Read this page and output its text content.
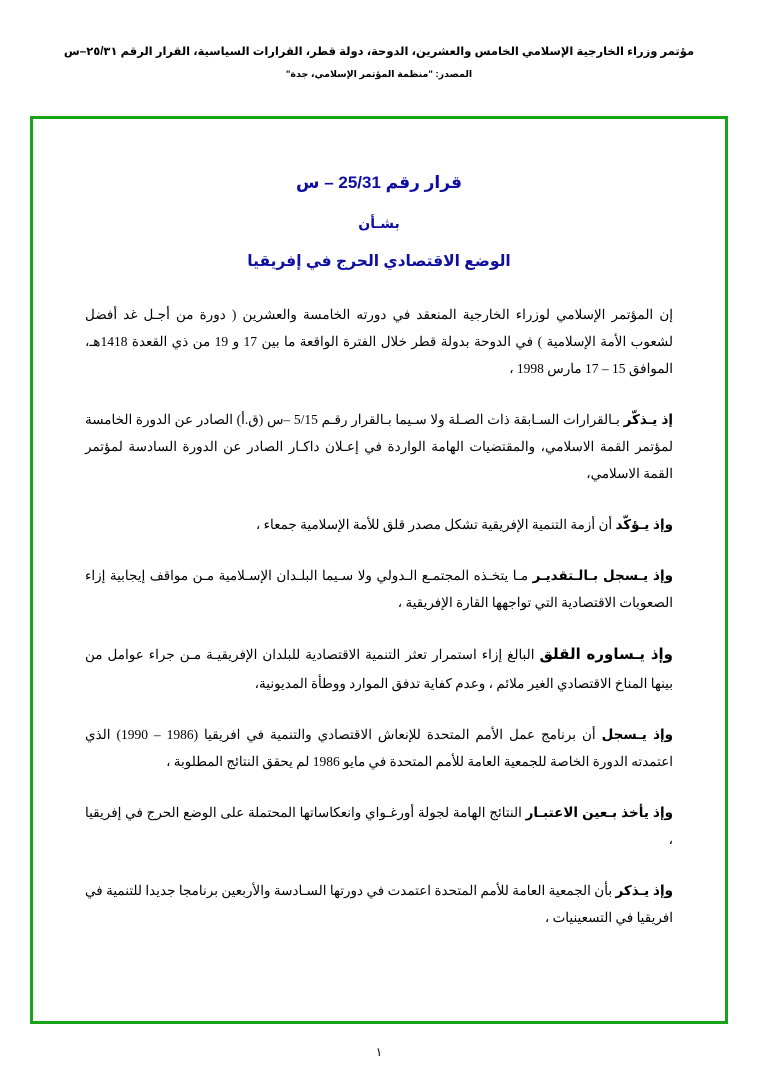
مؤتمر وزراء الخارجية الإسلامي الخامس والعشرين، الدوحة، دولة قطر، القرارات السياسية، القرار الرقم ٢٥/٣١–س
المصدر: "منظمة المؤتمر الإسلامي، جدة"
قرار رقم 25/31 – س
بشـأن
الوضع الاقتصادي الحرج في إفريقيا

إن المؤتمر الإسلامي لوزراء الخارجية المنعقد في دورته الخامسة والعشرين ( دورة من أجـل غد أفضل لشعوب الأمة الإسلامية ) في الدوحة بدولة قطر خلال الفترة الواقعة ما بين 17 و 19 من ذي القعدة 1418هـ، الموافق 15 – 17 مارس 1998 ،

إذ يـذكّر بـالقرارات السـابقة ذات الصـلة ولا سـيما بـالقرار رقـم 5/15 –س (ق.أ) الصادر عن الدورة الخامسة لمؤتمر القمة الاسلامي، والمقتضيات الهامة الواردة في إعـلان داكـار الصادر عن الدورة السادسة لمؤتمر القمة الاسلامي،

وإذ يـؤكّد أن أزمة التنمية الإفريقية تشكل مصدر قلق للأمة الإسلامية جمعاء ،

وإذ يـسجل بـالـتقديـر مـا يتخـذه المجتمـع الـدولي ولا سـيما البلـدان الإسـلامية مـن مواقف إيجابية إزاء الصعوبات الاقتصادية التي تواجهها القارة الإفريقية ،

وإذ يـساوره القلق البالغ إزاء استمرار تعثر التنمية الاقتصادية للبلدان الإفريقيـة مـن جراء عوامل من بينها المناخ الاقتصادي الغير ملائم ، وعدم كفاية تدفق الموارد ووطأة المديونية،

وإذ يـسجل أن برنامج عمل الأمم المتحدة للإنعاش الاقتصادي والتنمية في افريقيا (1986 – 1990) الذي اعتمدته الدورة الخاصة للجمعية العامة للأمم المتحدة في مايو 1986 لم يحقق النتائج المطلوبة ،

وإذ يأخذ بـعين الاعتبـار النتائج الهامة لجولة أورغـواي وانعكاساتها المحتملة على الوضع الحرج في إفريقيا ،

وإذ يـذكر بأن الجمعية العامة للأمم المتحدة اعتمدت في دورتها السـادسة والأربعين برنامجا جديدا للتنمية في افريقيا في التسعينيات ،

١
